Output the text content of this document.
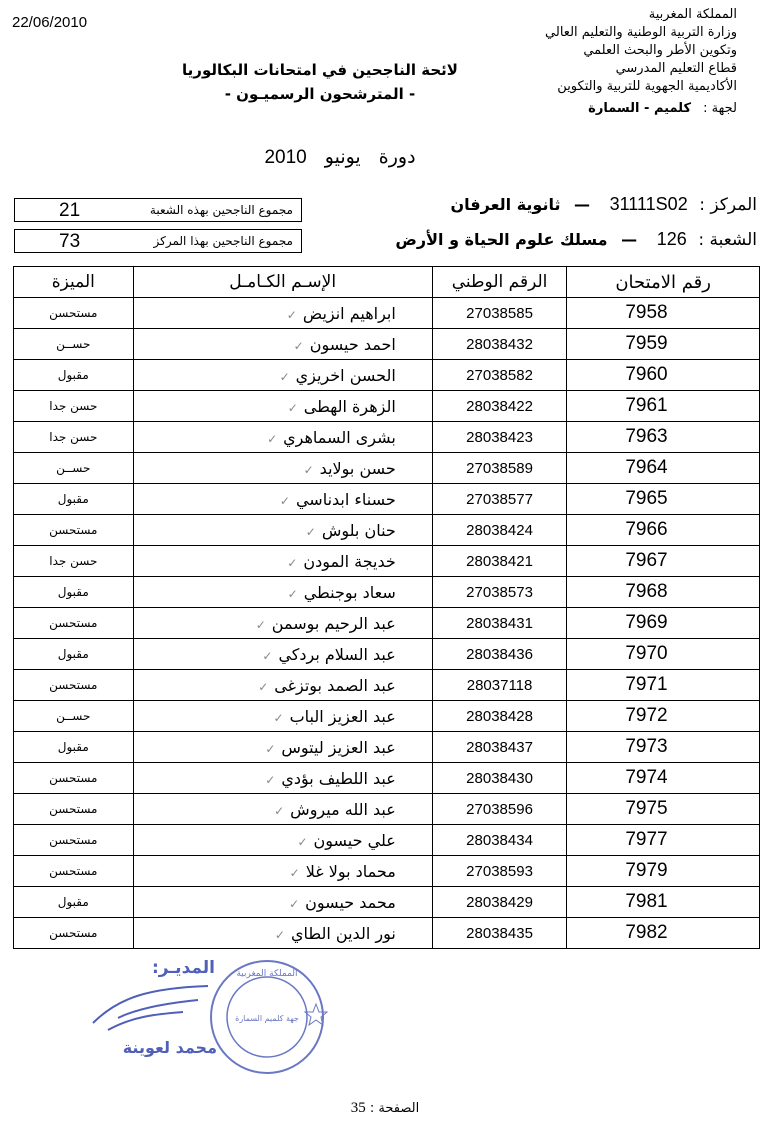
22/06/2010	المملكة المغربية
وزارة التربية الوطنية والتعليم العالي
وتكوين الأطر والبحث العلمي
قطاع التعليم المدرسي
الأكاديمية الجهوية للتربية والتكوين
لجهة : كلميم - السمارة
لائحة الناجحين في امتحانات البكالوريا
- المترشحون الرسميـون -
دورة يونيو 2010
مجموع الناجحين بهذه الشعبة
21
مجموع الناجحين بهذا المركز
73
المركز : 31111S02 — ثانوية العرفان
الشعبة : 126 — مسلك علوم الحياة و الأرض
رقم الامتحان	الرقم الوطني	الإسـم الكـامـل	الميزة
7958	27038585	ابراهيم انزيض✓	مستحسن
7959	28038432	احمد حيسون✓	حســن
7960	27038582	الحسن اخريزي✓	مقبول
7961	28038422	الزهرة الهطى✓	حسن جدا
7963	28038423	بشرى السماهري✓	حسن جدا
7964	27038589	حسن بولايد✓	حســن
7965	27038577	حسناء ابدناسي✓	مقبول
7966	28038424	حنان بلوش✓	مستحسن
7967	28038421	خديجة المودن✓	حسن جدا
7968	27038573	سعاد بوجنطي✓	مقبول
7969	28038431	عبد الرحيم بوسمن✓	مستحسن
7970	28038436	عبد السلام بردكي✓	مقبول
7971	28037118	عبد الصمد بوتزغى✓	مستحسن
7972	28038428	عبد العزيز الباب✓	حســن
7973	28038437	عبد العزيز ليتوس✓	مقبول
7974	28038430	عبد اللطيف بؤدي✓	مستحسن
7975	27038596	عبد الله ميروش✓	مستحسن
7977	28038434	علي حيسون✓	مستحسن
7979	27038593	محماد بولا غلا✓	مستحسن
7981	28038429	محمد حيسون✓	مقبول
7982	28038435	نور الدين الطاي✓	مستحسن
المملكة المغربية
جهة كلميم السمارة
المديـر:
محمد لعوينة
الصفحة : 35
